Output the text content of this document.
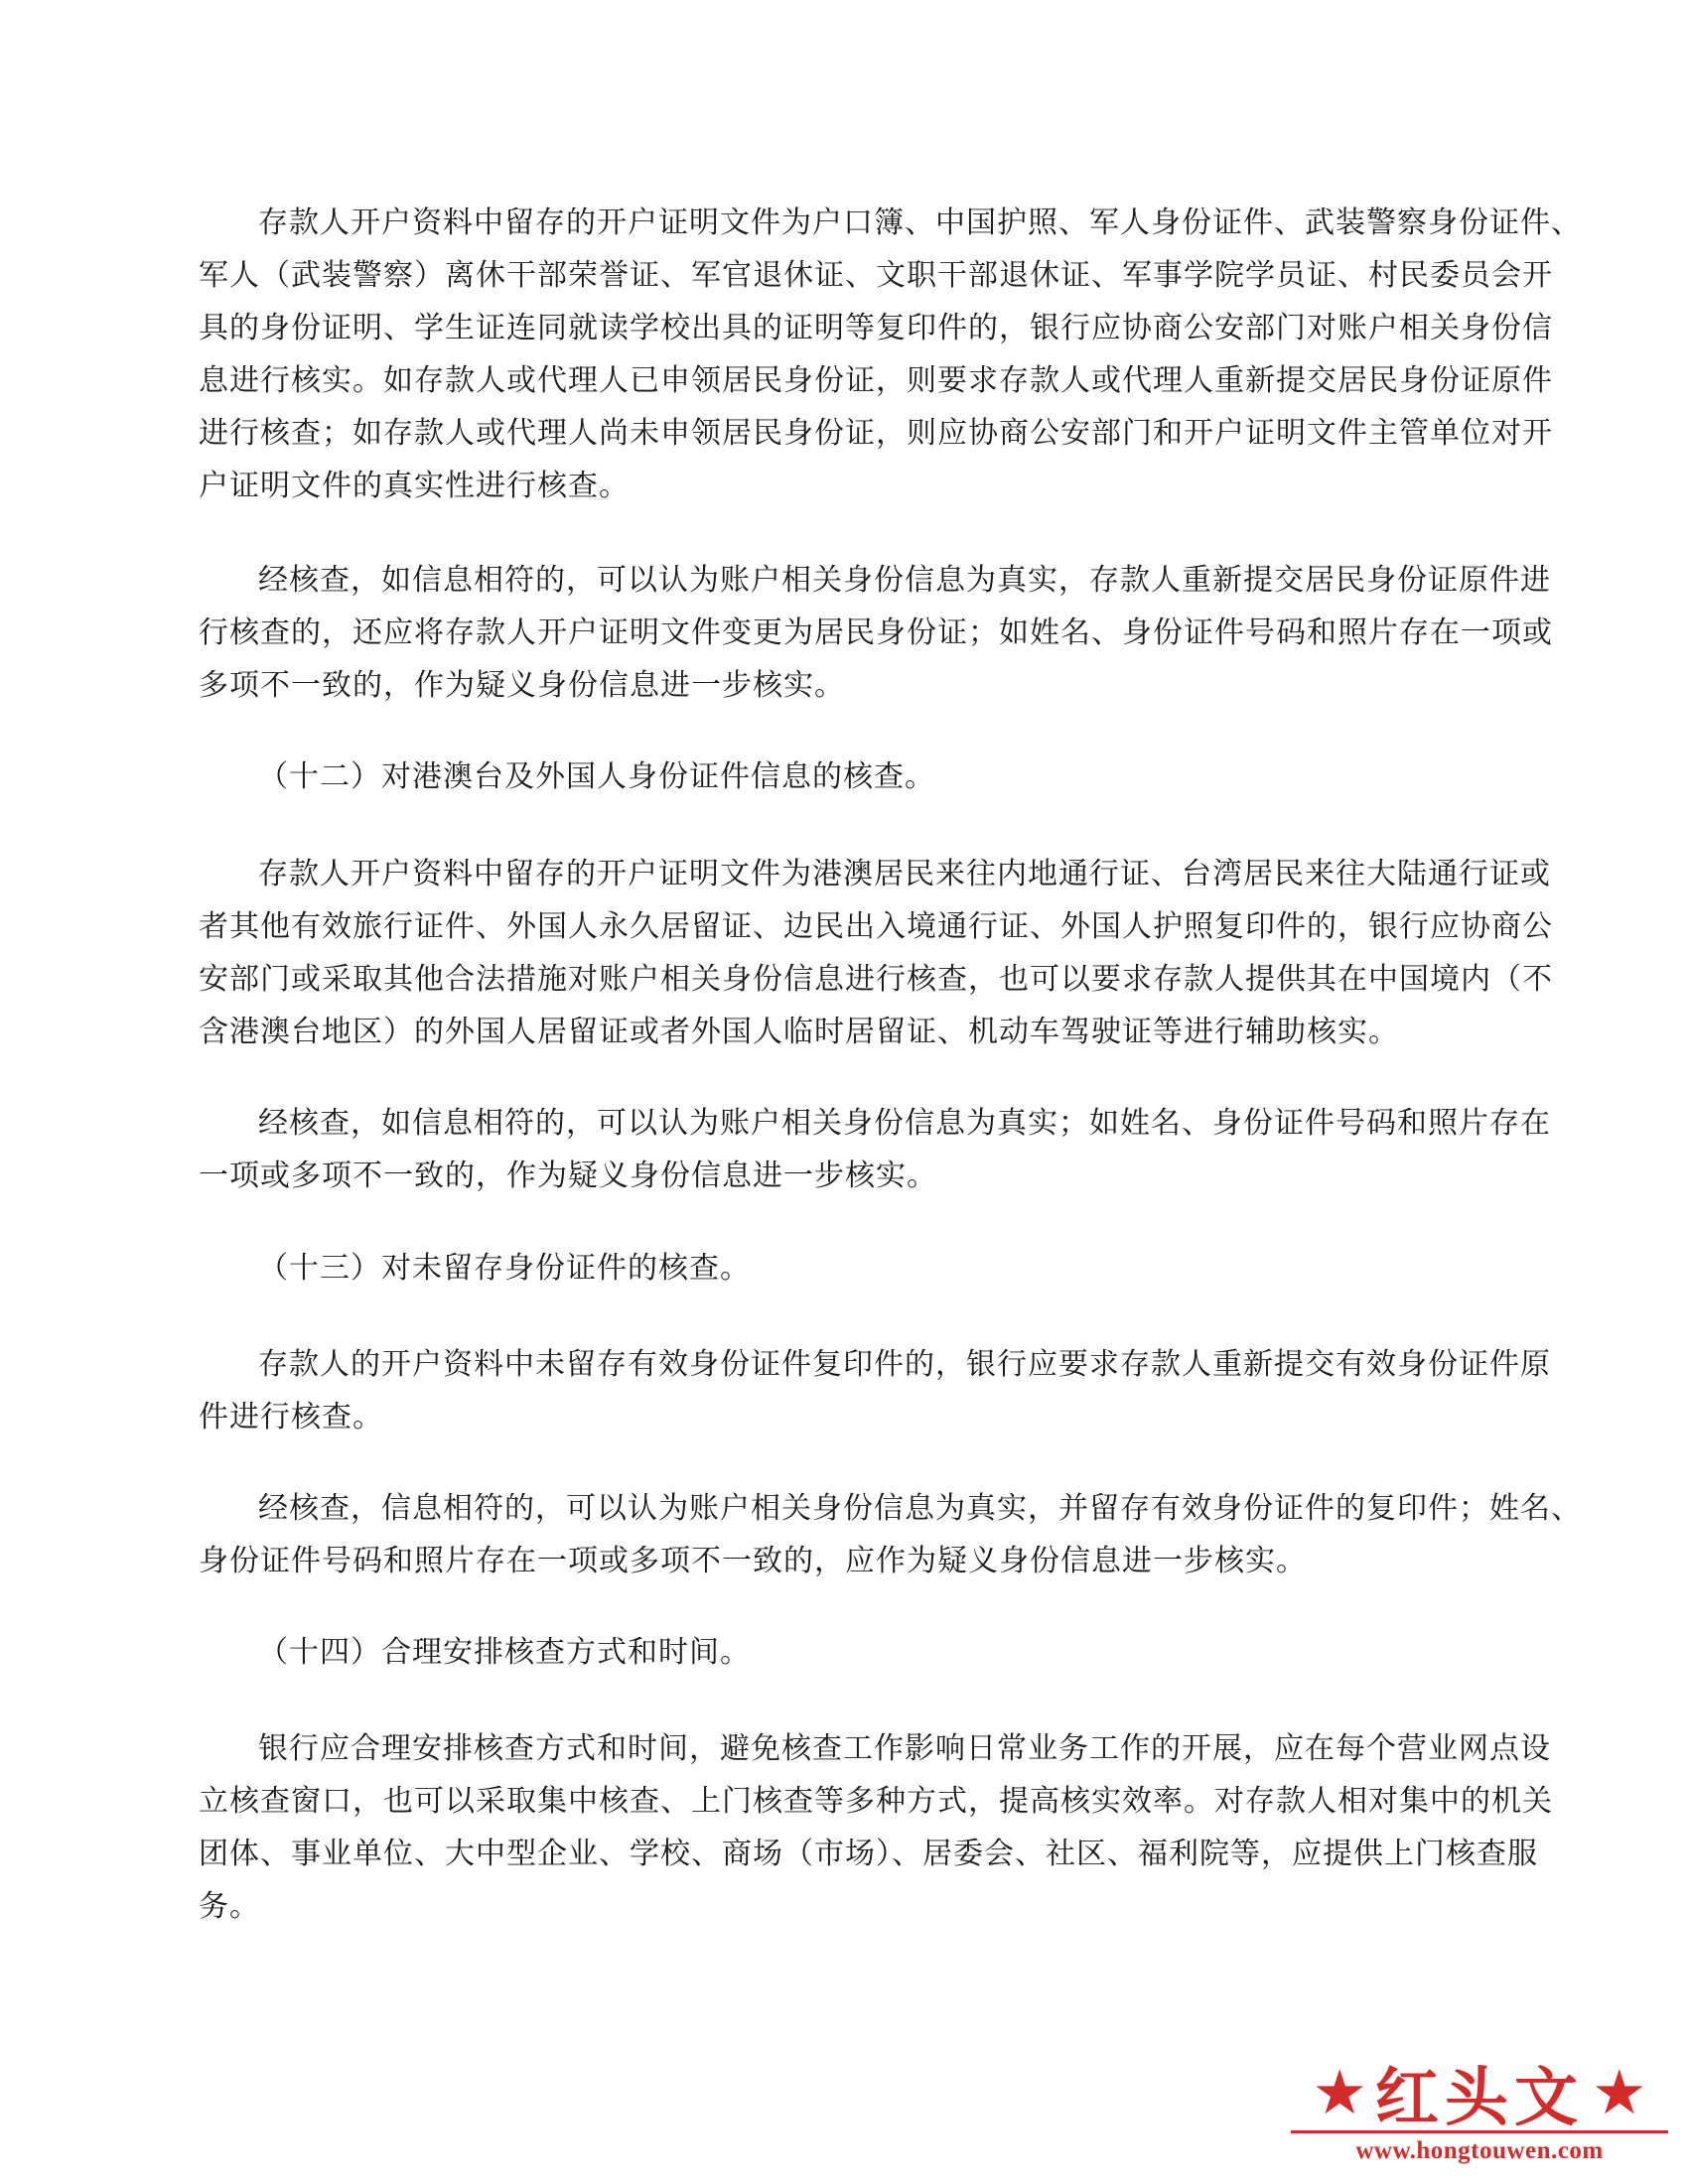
存款人开户资料中留存的开户证明文件为户口簿、中国护照、军人身份证件、武装警察身份证件、
军人（武装警察）离休干部荣誉证、军官退休证、文职干部退休证、军事学院学员证、村民委员会开
具的身份证明、学生证连同就读学校出具的证明等复印件的，银行应协商公安部门对账户相关身份信
息进行核实。如存款人或代理人已申领居民身份证，则要求存款人或代理人重新提交居民身份证原件
进行核查；如存款人或代理人尚未申领居民身份证，则应协商公安部门和开户证明文件主管单位对开
户证明文件的真实性进行核查。

经核查，如信息相符的，可以认为账户相关身份信息为真实，存款人重新提交居民身份证原件进
行核查的，还应将存款人开户证明文件变更为居民身份证；如姓名、身份证件号码和照片存在一项或
多项不一致的，作为疑义身份信息进一步核实。

（十二）对港澳台及外国人身份证件信息的核查。

存款人开户资料中留存的开户证明文件为港澳居民来往内地通行证、台湾居民来往大陆通行证或
者其他有效旅行证件、外国人永久居留证、边民出入境通行证、外国人护照复印件的，银行应协商公
安部门或采取其他合法措施对账户相关身份信息进行核查，也可以要求存款人提供其在中国境内（不
含港澳台地区）的外国人居留证或者外国人临时居留证、机动车驾驶证等进行辅助核实。

经核查，如信息相符的，可以认为账户相关身份信息为真实；如姓名、身份证件号码和照片存在
一项或多项不一致的，作为疑义身份信息进一步核实。

（十三）对未留存身份证件的核查。

存款人的开户资料中未留存有效身份证件复印件的，银行应要求存款人重新提交有效身份证件原
件进行核查。

经核查，信息相符的，可以认为账户相关身份信息为真实，并留存有效身份证件的复印件；姓名、
身份证件号码和照片存在一项或多项不一致的，应作为疑义身份信息进一步核实。

（十四）合理安排核查方式和时间。

银行应合理安排核查方式和时间，避免核查工作影响日常业务工作的开展，应在每个营业网点设
立核查窗口，也可以采取集中核查、上门核查等多种方式，提高核实效率。对存款人相对集中的机关
团体、事业单位、大中型企业、学校、商场（市场）、居委会、社区、福利院等，应提供上门核查服
务。

★ 红头文 ★
www.hongtouwen.com
